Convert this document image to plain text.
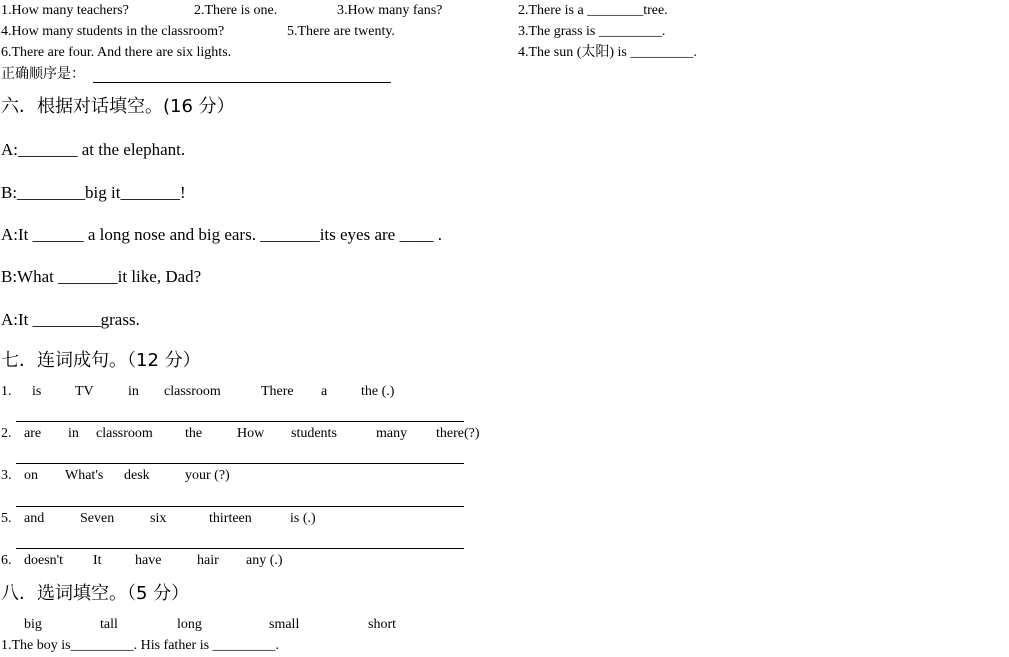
1.How many teachers?	2.There is one.	3.How many fans?
4.How many students in the classroom?	5.There are twenty.
6.There are four. And there are six lights.
正确顺序是：
2.There is a ________tree.
3.The grass is _________.
4.The sun (太阳) is _________.
六．根据对话填空。(16 分）
A:_______ at the elephant.
B:________big it_______!
A:It ______ a long nose and big ears. _______its eyes are ____ .
B:What _______it like, Dad?
A:It ________grass.
七．连词成句。（12 分）
1. is TV in classroom	There a the (.)
2. are in classroom the How students	many there(?)
3. on What's desk	your (?)
5. and	Seven	six	thirteen	is (.)
6. doesn't It have	hair any (.)
八．选词填空。（5 分）
big	tall	long	small	short
1.The boy is_________. His father is _________.
